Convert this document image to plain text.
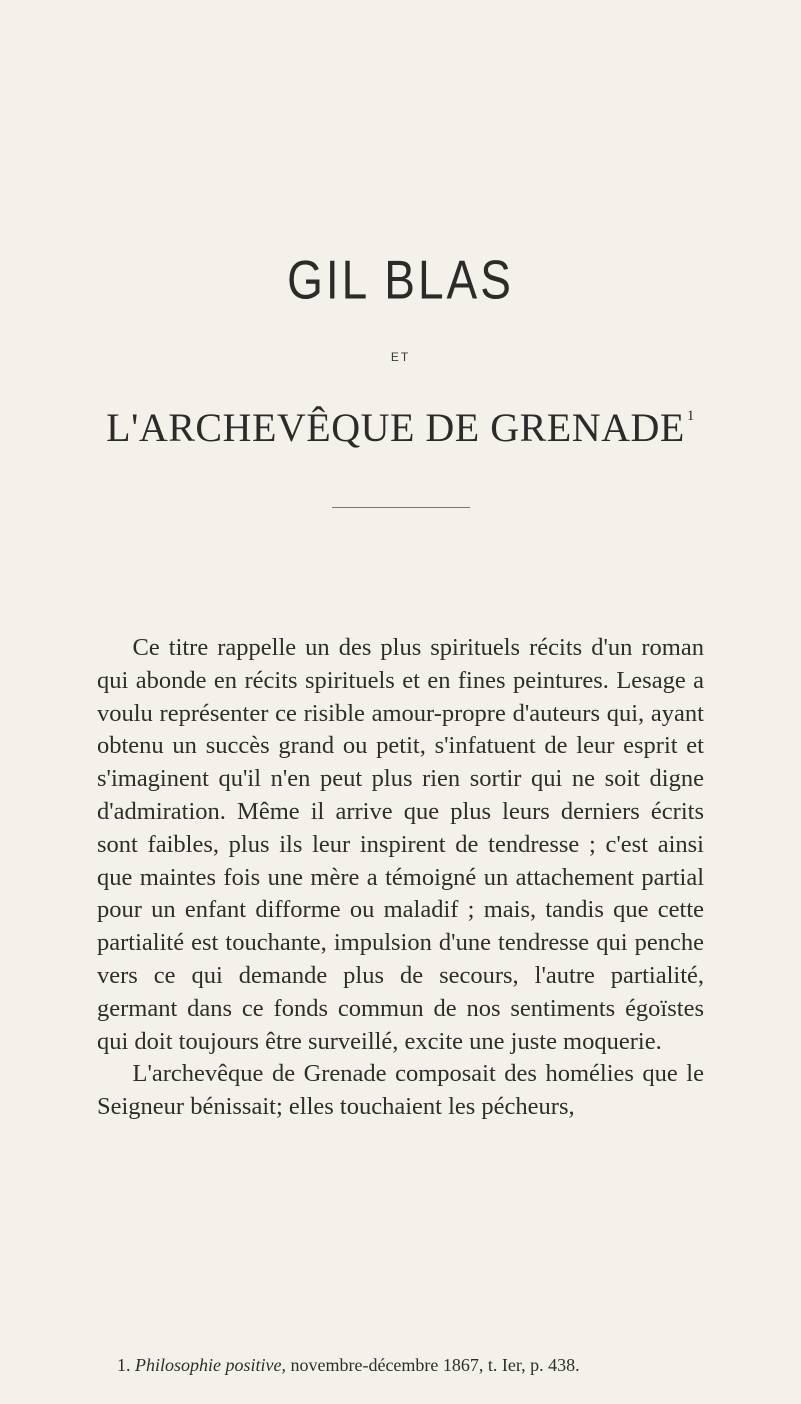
GIL BLAS
ET
L'ARCHEVÊQUE DE GRENADE $^1$

Ce titre rappelle un des plus spirituels récits d'un roman qui abonde en récits spirituels et en fines peintures. Lesage a voulu représenter ce risible amour-propre d'auteurs qui, ayant obtenu un succès grand ou petit, s'infatuent de leur esprit et s'imaginent qu'il n'en peut plus rien sortir qui ne soit digne d'admiration. Même il arrive que plus leurs derniers écrits sont faibles, plus ils leur inspirent de tendresse ; c'est ainsi que maintes fois une mère a témoigné un attachement partial pour un enfant difforme ou maladif ; mais, tandis que cette partialité est touchante, impulsion d'une tendresse qui penche vers ce qui demande plus de secours, l'autre partialité, germant dans ce fonds commun de nos sentiments égoïstes qui doit toujours être surveillé, excite une juste moquerie.

L'archevêque de Grenade composait des homélies que le Seigneur bénissait; elles touchaient les pécheurs,

1. Philosophie positive, novembre-décembre 1867, t. Ier, p. 438.
